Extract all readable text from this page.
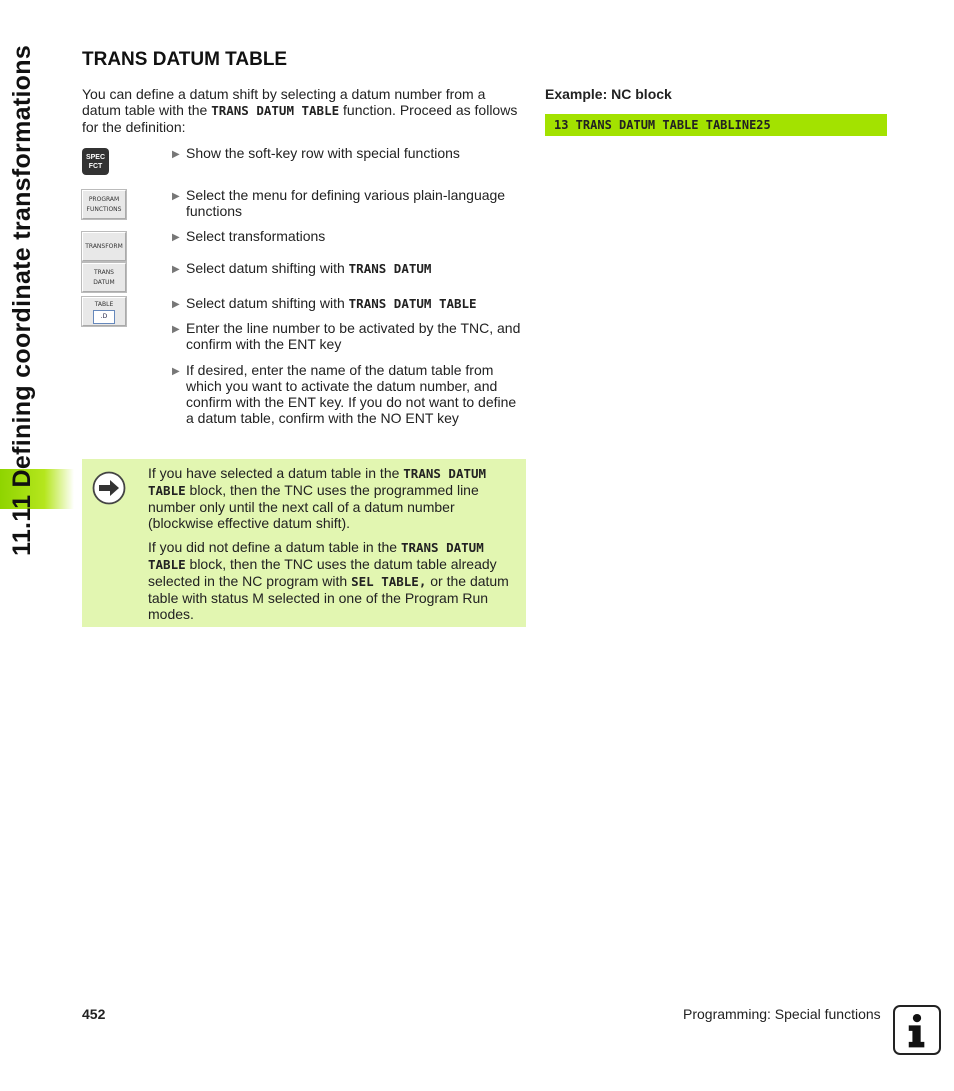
11.11 Defining coordinate transformations	TRANS DATUM TABLE

You can define a datum shift by selecting a datum number from a datum table with the TRANS DATUM TABLE function. Proceed as follows for the definition:

SPEC
FCT
PROGRAM
FUNCTIONS
TRANSFORM
TRANS
DATUM
TABLE
.D
▶ Show the soft-key row with special functions
▶ Select the menu for defining various plain-language functions
▶ Select transformations
▶ Select datum shifting with TRANS DATUM
▶ Select datum shifting with TRANS DATUM TABLE
▶ Enter the line number to be activated by the TNC, and confirm with the ENT key
▶ If desired, enter the name of the datum table from which you want to activate the datum number, and confirm with the ENT key. If you do not want to define a datum table, confirm with the NO ENT key

If you have selected a datum table in the TRANS DATUM TABLE block, then the TNC uses the programmed line number only until the next call of a datum number (blockwise effective datum shift).

If you did not define a datum table in the TRANS DATUM TABLE block, then the TNC uses the datum table already selected in the NC program with SEL TABLE, or the datum table with status M selected in one of the Program Run modes.

Example: NC block
13 TRANS DATUM TABLE TABLINE25
452	Programming: Special functions
